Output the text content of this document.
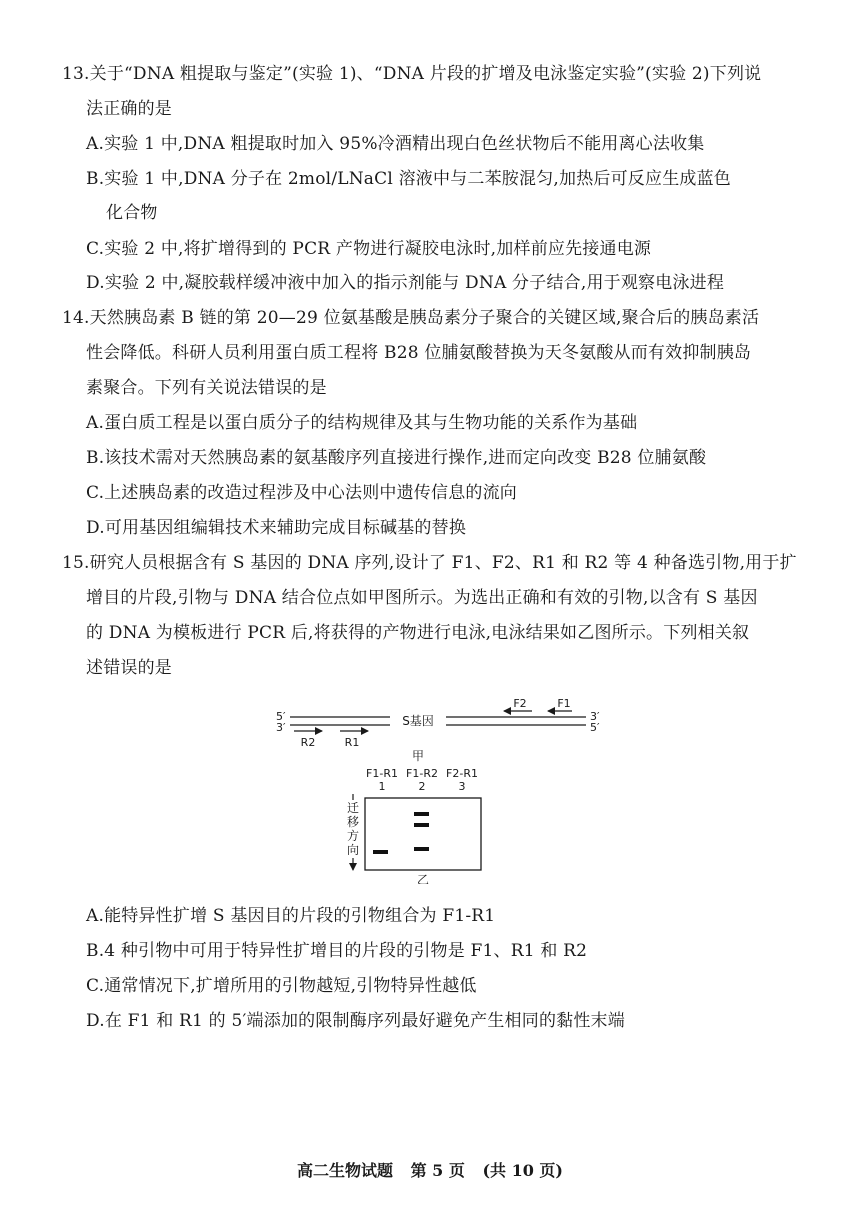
13.关于“DNA 粗提取与鉴定”(实验 1)、“DNA 片段的扩增及电泳鉴定实验”(实验 2)下列说
法正确的是
A.实验 1 中,DNA 粗提取时加入 95%冷酒精出现白色丝状物后不能用离心法收集
B.实验 1 中,DNA 分子在 2mol/LNaCl 溶液中与二苯胺混匀,加热后可反应生成蓝色
化合物
C.实验 2 中,将扩增得到的 PCR 产物进行凝胶电泳时,加样前应先接通电源
D.实验 2 中,凝胶载样缓冲液中加入的指示剂能与 DNA 分子结合,用于观察电泳进程
14.天然胰岛素 B 链的第 20—29 位氨基酸是胰岛素分子聚合的关键区域,聚合后的胰岛素活
性会降低。科研人员利用蛋白质工程将 B28 位脯氨酸替换为天冬氨酸从而有效抑制胰岛
素聚合。下列有关说法错误的是
A.蛋白质工程是以蛋白质分子的结构规律及其与生物功能的关系作为基础
B.该技术需对天然胰岛素的氨基酸序列直接进行操作,进而定向改变 B28 位脯氨酸
C.上述胰岛素的改造过程涉及中心法则中遗传信息的流向
D.可用基因组编辑技术来辅助完成目标碱基的替换
15.研究人员根据含有 S 基因的 DNA 序列,设计了 F1、F2、R1 和 R2 等 4 种备选引物,用于扩
增目的片段,引物与 DNA 结合位点如甲图所示。为选出正确和有效的引物,以含有 S 基因
的 DNA 为模板进行 PCR 后,将获得的产物进行电泳,电泳结果如乙图所示。下列相关叙
述错误的是
5′
3′	S基因	3′
5′
F2	F1
R2	R1
甲
F1-R1 F1-R2 F2-R1
1	2	3
迁
移
方
向
乙
A.能特异性扩增 S 基因目的片段的引物组合为 F1-R1
B.4 种引物中可用于特异性扩增目的片段的引物是 F1、R1 和 R2
C.通常情况下,扩增所用的引物越短,引物特异性越低
D.在 F1 和 R1 的 5′端添加的限制酶序列最好避免产生相同的黏性末端
高二生物试题 第 5 页 (共 10 页)
